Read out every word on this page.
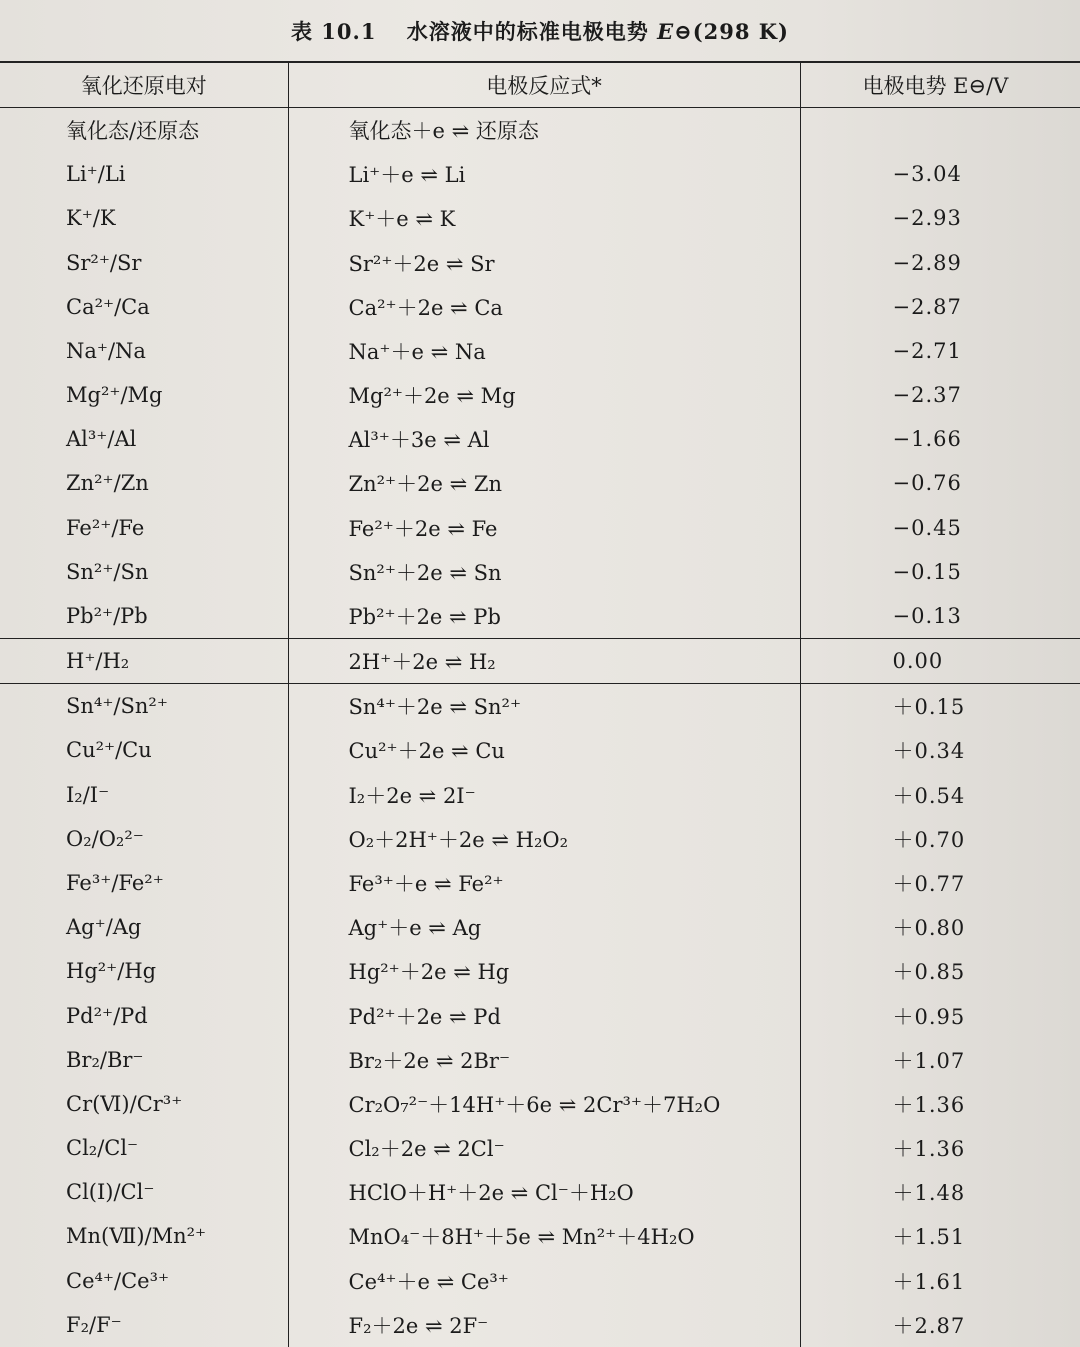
表 10.1 水溶液中的标准电极电势 E⊖(298 K)
氧化还原电对	电极反应式*	电极电势 E⊖/V
氧化态/还原态	氧化态＋e ⇌ 还原态	
Li⁺/Li	Li⁺＋e ⇌ Li	−3.04
K⁺/K	K⁺＋e ⇌ K	−2.93
Sr²⁺/Sr	Sr²⁺＋2e ⇌ Sr	−2.89
Ca²⁺/Ca	Ca²⁺＋2e ⇌ Ca	−2.87
Na⁺/Na	Na⁺＋e ⇌ Na	−2.71
Mg²⁺/Mg	Mg²⁺＋2e ⇌ Mg	−2.37
Al³⁺/Al	Al³⁺＋3e ⇌ Al	−1.66
Zn²⁺/Zn	Zn²⁺＋2e ⇌ Zn	−0.76
Fe²⁺/Fe	Fe²⁺＋2e ⇌ Fe	−0.45
Sn²⁺/Sn	Sn²⁺＋2e ⇌ Sn	−0.15
Pb²⁺/Pb	Pb²⁺＋2e ⇌ Pb	−0.13
H⁺/H₂	2H⁺＋2e ⇌ H₂	0.00
Sn⁴⁺/Sn²⁺	Sn⁴⁺＋2e ⇌ Sn²⁺	＋0.15
Cu²⁺/Cu	Cu²⁺＋2e ⇌ Cu	＋0.34
I₂/I⁻	I₂＋2e ⇌ 2I⁻	＋0.54
O₂/O₂²⁻	O₂＋2H⁺＋2e ⇌ H₂O₂	＋0.70
Fe³⁺/Fe²⁺	Fe³⁺＋e ⇌ Fe²⁺	＋0.77
Ag⁺/Ag	Ag⁺＋e ⇌ Ag	＋0.80
Hg²⁺/Hg	Hg²⁺＋2e ⇌ Hg	＋0.85
Pd²⁺/Pd	Pd²⁺＋2e ⇌ Pd	＋0.95
Br₂/Br⁻	Br₂＋2e ⇌ 2Br⁻	＋1.07
Cr(Ⅵ)/Cr³⁺	Cr₂O₇²⁻＋14H⁺＋6e ⇌ 2Cr³⁺＋7H₂O	＋1.36
Cl₂/Cl⁻	Cl₂＋2e ⇌ 2Cl⁻	＋1.36
Cl(Ⅰ)/Cl⁻	HClO＋H⁺＋2e ⇌ Cl⁻＋H₂O	＋1.48
Mn(Ⅶ)/Mn²⁺	MnO₄⁻＋8H⁺＋5e ⇌ Mn²⁺＋4H₂O	＋1.51
Ce⁴⁺/Ce³⁺	Ce⁴⁺＋e ⇌ Ce³⁺	＋1.61
F₂/F⁻	F₂＋2e ⇌ 2F⁻	＋2.87
